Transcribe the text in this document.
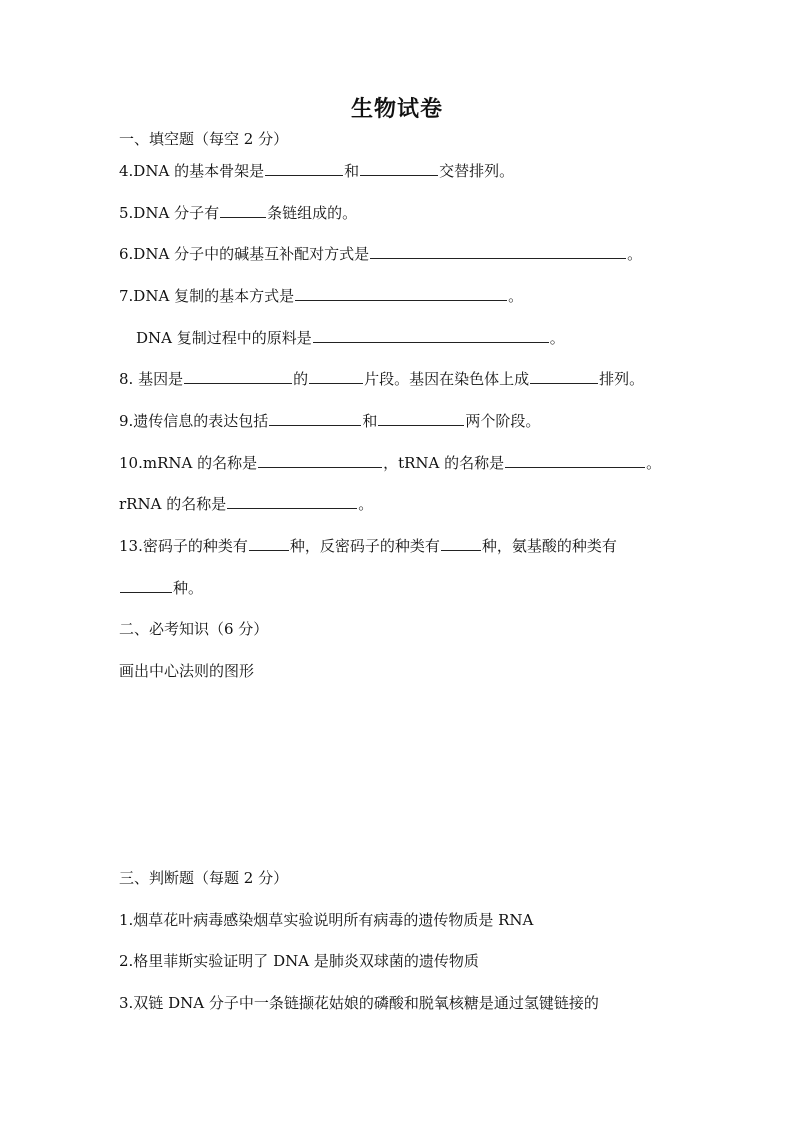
生物试卷
一、填空题（每空 2 分）
4.DNA 的基本骨架是	和	交替排列。
5.DNA 分子有	条链组成的。
6.DNA 分子中的碱基互补配对方式是	。
7.DNA 复制的基本方式是	。
DNA 复制过程中的原料是	。
8. 基因是	的	片段。基因在染色体上成	排列。
9.遗传信息的表达包括	和	两个阶段。
10.mRNA 的名称是	，tRNA 的名称是	。
rRNA 的名称是	。
13.密码子的种类有	种，反密码子的种类有	种，氨基酸的种类有
种。
二、必考知识（6 分）
画出中心法则的图形
三、判断题（每题 2 分）
1.烟草花叶病毒感染烟草实验说明所有病毒的遗传物质是 RNA
2.格里菲斯实验证明了 DNA 是肺炎双球菌的遗传物质
3.双链 DNA 分子中一条链撷花姑娘的磷酸和脱氧核糖是通过氢键链接的
